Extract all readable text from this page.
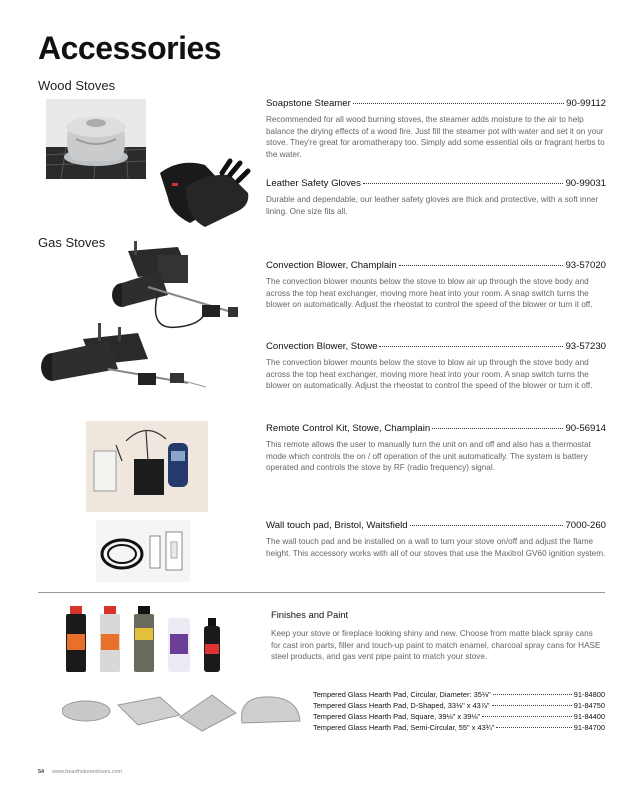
Accessories
Wood Stoves
Gas Stoves
Soapstone Steamer	90-99112
Recommended for all wood burning stoves, the steamer adds moisture to the air to help balance the drying effects of a wood fire. Just fill the steamer pot with water and set it on your stove. They're great for aromatherapy too. Simply add some essential oils or fragrant herbs to the water.
Leather Safety Gloves	90-99031
Durable and dependable, our leather safety gloves are thick and protective, with a soft inner lining. One size fits all.
Convection Blower, Champlain	93-57020
The convection blower mounts below the stove to blow air up through the stove body and across the top heat exchanger, moving more heat into your room. A snap switch turns the blower on automatically. Adjust the rheostat to control the speed of the blower or turn it off.
Convection Blower, Stowe	93-57230
The convection blower mounts below the stove to blow air up through the stove body and across the top heat exchanger, moving more heat into your room. A snap switch turns the blower on automatically. Adjust the rheostat to control the speed of the blower or turn it off.
Remote Control Kit, Stowe, Champlain	90-56914
This remote allows the user to manually turn the unit on and off and also has a thermostat mode which controls the on / off operation of the unit automatically. The system is battery operated and controls the stove by RF (radio frequency) signal.
Wall touch pad, Bristol, Waitsfield	7000-260
The wall touch pad and be installed on a wall to turn your stove on/off and adjust the flame height. This accessory works with all of our stoves that use the Maxitrol GV60 ignition system.
Finishes and Paint
Keep your stove or fireplace looking shiny and new. Choose from matte black spray cans for cast iron parts, filler and touch-up paint to match enamel, charcoal spray cans for HASE steel products, and gas vent pipe paint to match your stove.
Tempered Glass Hearth Pad, Circular, Diameter: 35⅛"	91-84800
Tempered Glass Hearth Pad, D-Shaped, 33⅛" x 43⅞"	91-84750
Tempered Glass Hearth Pad, Square, 39⅛" x 39⅛"	91-84400
Tempered Glass Hearth Pad, Semi-Circular, 55" x 43¾"	91-84700
54 www.hearthstonestoves.com
